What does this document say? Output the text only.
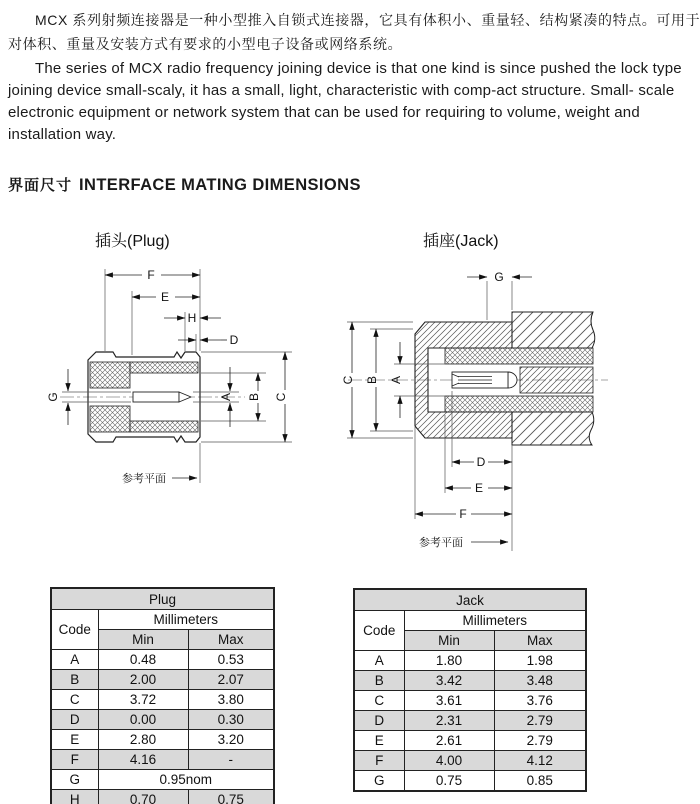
MCX 系列射频连接器是一种小型推入自锁式连接器，它具有体积小、重量轻、结构紧凑的特点。可用于
对体积、重量及安装方式有要求的小型电子设备或网络系统。
The series of MCX radio frequency joining device is that one kind is since pushed the lock type
joining device small-scaly, it has a small, light, characteristic with comp-act structure. Small- scale
electronic equipment or network system that can be used for requiring to volume, weight and
installation way.
界面尺寸 INTERFACE MATING DIMENSIONS
插头(Plug)	插座(Jack)
F
E
H
D
G	A B C
参考平面
G
C B A
D
E
F
参考平面
Plug		
Code	Millimeters	
	Min	Max
A	0.48	0.53
B	2.00	2.07
C	3.72	3.80
D	0.00	0.30
E	2.80	3.20
F	4.16	-
G	0.95nom	
H	0.70	0.75
Jack		
Code	Millimeters	
	Min	Max
A	1.80	1.98
B	3.42	3.48
C	3.61	3.76
D	2.31	2.79
E	2.61	2.79
F	4.00	4.12
G	0.75	0.85
